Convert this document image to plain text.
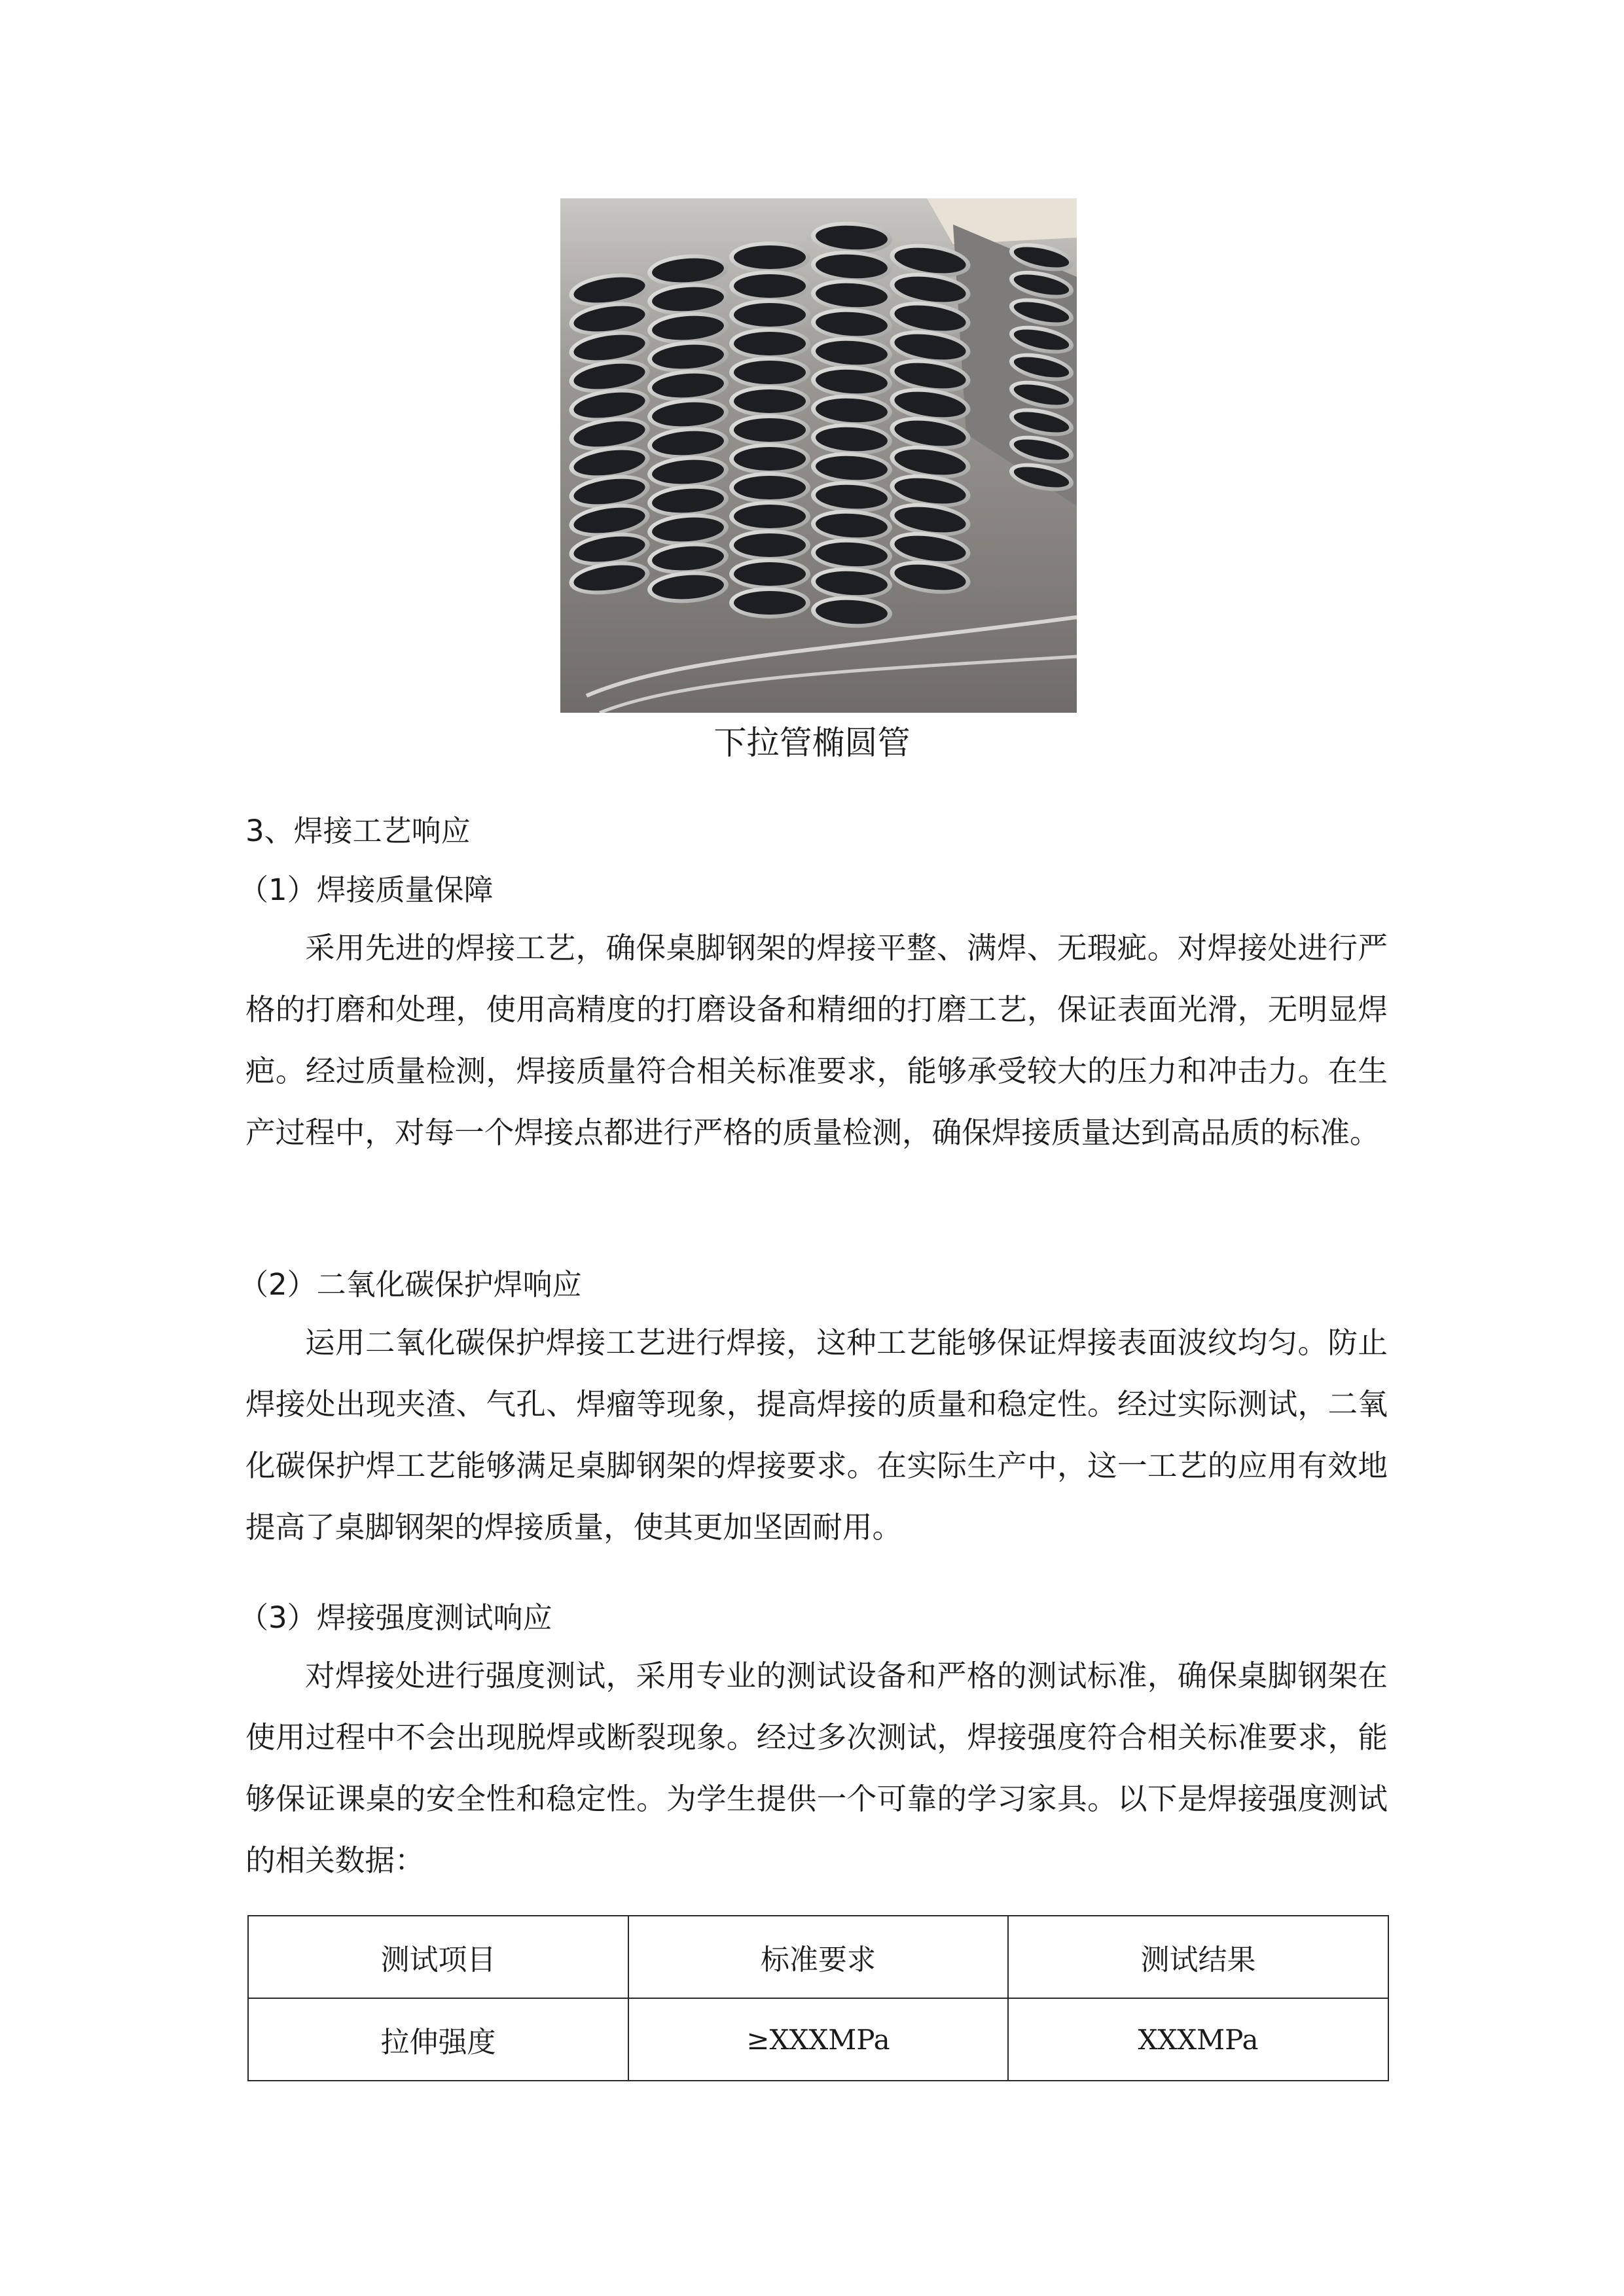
下拉管椭圆管
3、焊接工艺响应
（1）焊接质量保障

采用先进的焊接工艺，确保桌脚钢架的焊接平整、满焊、无瑕疵。对焊接处进行严格的打磨和处理，使用高精度的打磨设备和精细的打磨工艺，保证表面光滑，无明显焊疤。经过质量检测，焊接质量符合相关标准要求，能够承受较大的压力和冲击力。在生产过程中，对每一个焊接点都进行严格的质量检测，确保焊接质量达到高品质的标准。

（2）二氧化碳保护焊响应

运用二氧化碳保护焊接工艺进行焊接，这种工艺能够保证焊接表面波纹均匀。防止焊接处出现夹渣、气孔、焊瘤等现象，提高焊接的质量和稳定性。经过实际测试，二氧化碳保护焊工艺能够满足桌脚钢架的焊接要求。在实际生产中，这一工艺的应用有效地提高了桌脚钢架的焊接质量，使其更加坚固耐用。

（3）焊接强度测试响应

对焊接处进行强度测试，采用专业的测试设备和严格的测试标准，确保桌脚钢架在使用过程中不会出现脱焊或断裂现象。经过多次测试，焊接强度符合相关标准要求，能够保证课桌的安全性和稳定性。为学生提供一个可靠的学习家具。以下是焊接强度测试的相关数据：

测试项目	标准要求	测试结果
拉伸强度	≥XXXMPa	XXXMPa
